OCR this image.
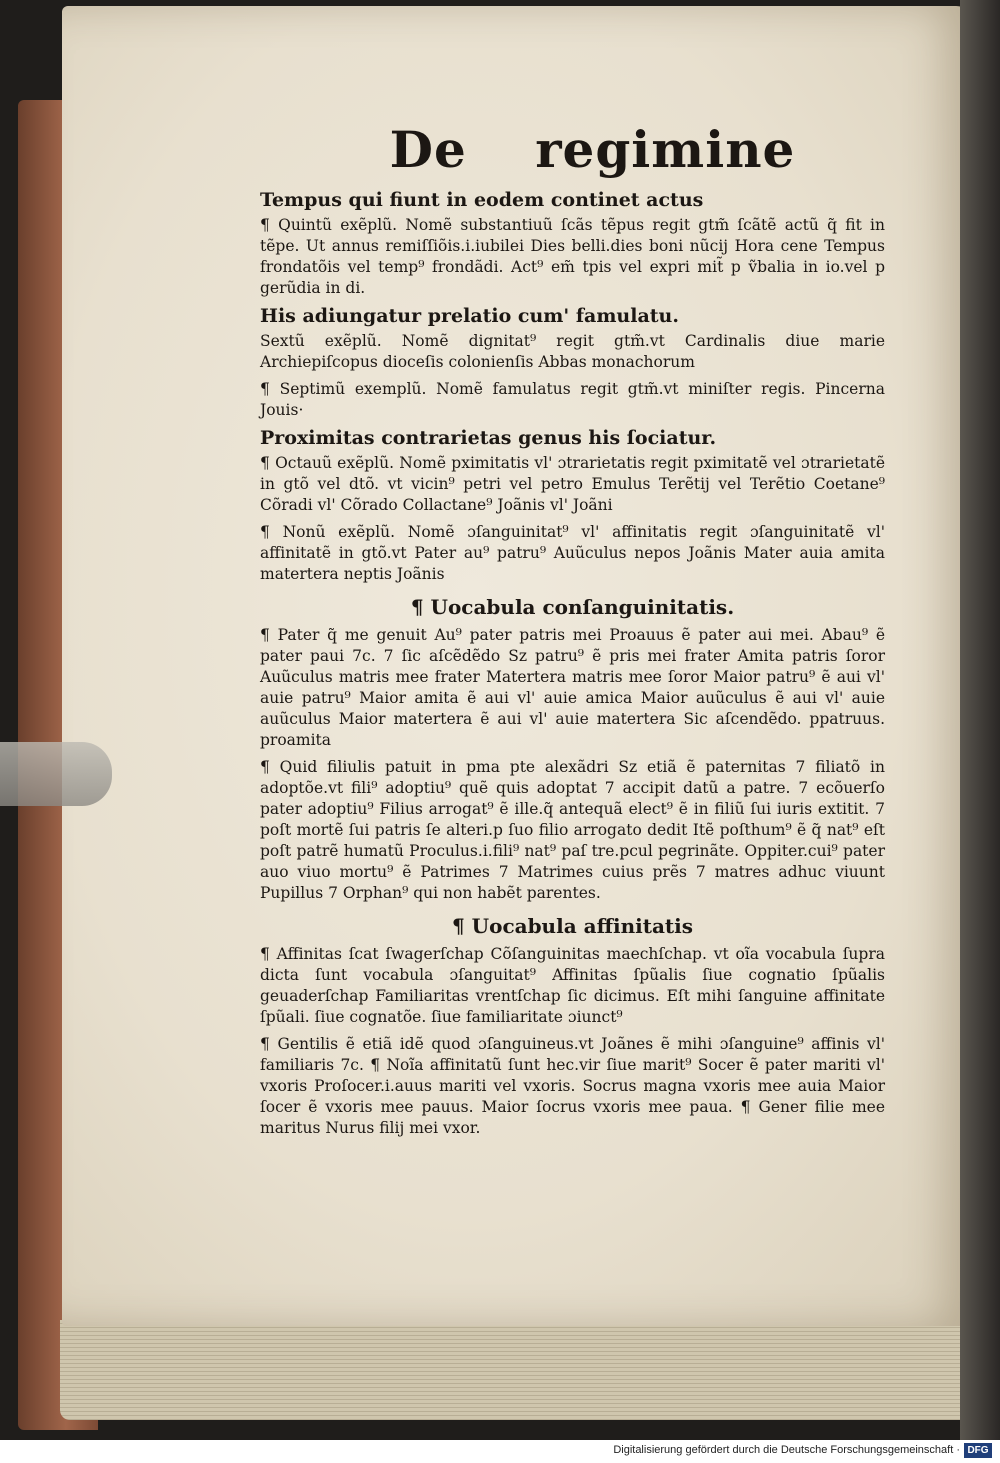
De regimine
Tempus qui fiunt in eodem continet actus
¶ Quintũ exẽplũ. Nomẽ substantiuũ ſcãs tẽpus regit gtm̃ ſcãtẽ actũ q̃ fit in tẽpe. Ut annus remiſſiõis.i.iubilei Dies belli.dies boni nũcij Hora cene Tempus frondatõis vel temp⁹ frondãdi. Act⁹ em̃ tpis vel expri mit̃ p ṽbalia in io.vel p gerũdia in di.
His adiungatur prelatio cum' famulatu.
Sextũ exẽplũ. Nomẽ dignitat⁹ regit gtm̃.vt Cardinalis diue marie Archiepiſcopus dioceſis colonienſis Abbas monachorum
¶ Septimũ exemplũ. Nomẽ famulatus regit gtm̃.vt miniſter regis. Pincerna Jouis·
Proximitas contrarietas genus his ſociatur.
¶ Octauũ exẽplũ. Nomẽ pximitatis vl' ɔtrarietatis regit pximitatẽ vel ɔtrarietatẽ in gtõ vel dtõ. vt vicin⁹ petri vel petro Emulus Terẽtij vel Terẽtio Coetane⁹ Cõradi vl' Cõrado Collactane⁹ Joãnis vl' Joãni
¶ Nonũ exẽplũ. Nomẽ ɔſanguinitat⁹ vl' affinitatis regit ɔſanguinitatẽ vl' affinitatẽ in gtõ.vt Pater au⁹ patru⁹ Auũculus nepos Joãnis Mater auia amita matertera neptis Joãnis
¶ Uocabula conſanguinitatis.
¶ Pater q̃ me genuit Au⁹ pater patris mei Proauus ẽ pater aui mei. Abau⁹ ẽ pater paui 7c. 7 ſic aſcẽdẽdo Sz patru⁹ ẽ pris mei frater Amita patris ſoror Auũculus matris mee frater Matertera matris mee ſoror Maior patru⁹ ẽ aui vl' auie patru⁹ Maior amita ẽ aui vl' auie amica Maior auũculus ẽ aui vl' auie auũculus Maior matertera ẽ aui vl' auie matertera Sic aſcendẽdo. ppatruus. proamita
¶ Quid filiulis patuit in pma pte alexãdri Sz etiã ẽ paternitas 7 filiatõ in adoptõe.vt fili⁹ adoptiu⁹ quẽ quis adoptat 7 accipit datũ a patre. 7 ecõuerſo pater adoptiu⁹ Filius arrogat⁹ ẽ ille.q̃ antequã elect⁹ ẽ in filiũ ſui iuris extitit. 7 poſt mortẽ ſui patris ſe alteri.p ſuo filio arrogato dedit Itẽ poſthum⁹ ẽ q̃ nat⁹ eſt poſt patrẽ humatũ Proculus.i.fili⁹ nat⁹ paſ tre.pcul pegrinãte. Oppiter.cui⁹ pater auo viuo mortu⁹ ẽ Patrimes 7 Matrimes cuius prẽs 7 matres adhuc viuunt Pupillus 7 Orphan⁹ qui non habẽt parentes.
¶ Uocabula affinitatis
¶ Affinitas ſcat ſwagerſchap Cõſanguinitas maechſchap. vt oĩa vocabula ſupra dicta ſunt vocabula ɔſanguitat⁹ Affinitas ſpũalis ſiue cognatio ſpũalis geuaderſchap Familiaritas vrentſchap ſic dicimus. Eſt mihi ſanguine affinitate ſpũali. ſiue cognatõe. ſiue familiaritate ɔiunct⁹
¶ Gentilis ẽ etiã idẽ quod ɔſanguineus.vt Joãnes ẽ mihi ɔſanguine⁹ affinis vl' familiaris 7c. ¶ Noĩa affinitatũ ſunt hec.vir ſiue marit⁹ Socer ẽ pater mariti vl' vxoris Proſocer.i.auus mariti vel vxoris. Socrus magna vxoris mee auia Maior ſocer ẽ vxoris mee pauus. Maior ſocrus vxoris mee paua. ¶ Gener filie mee maritus Nurus filij mei vxor.
Digitalisierung gefördert durch die Deutsche Forschungsgemeinschaft · DFG
